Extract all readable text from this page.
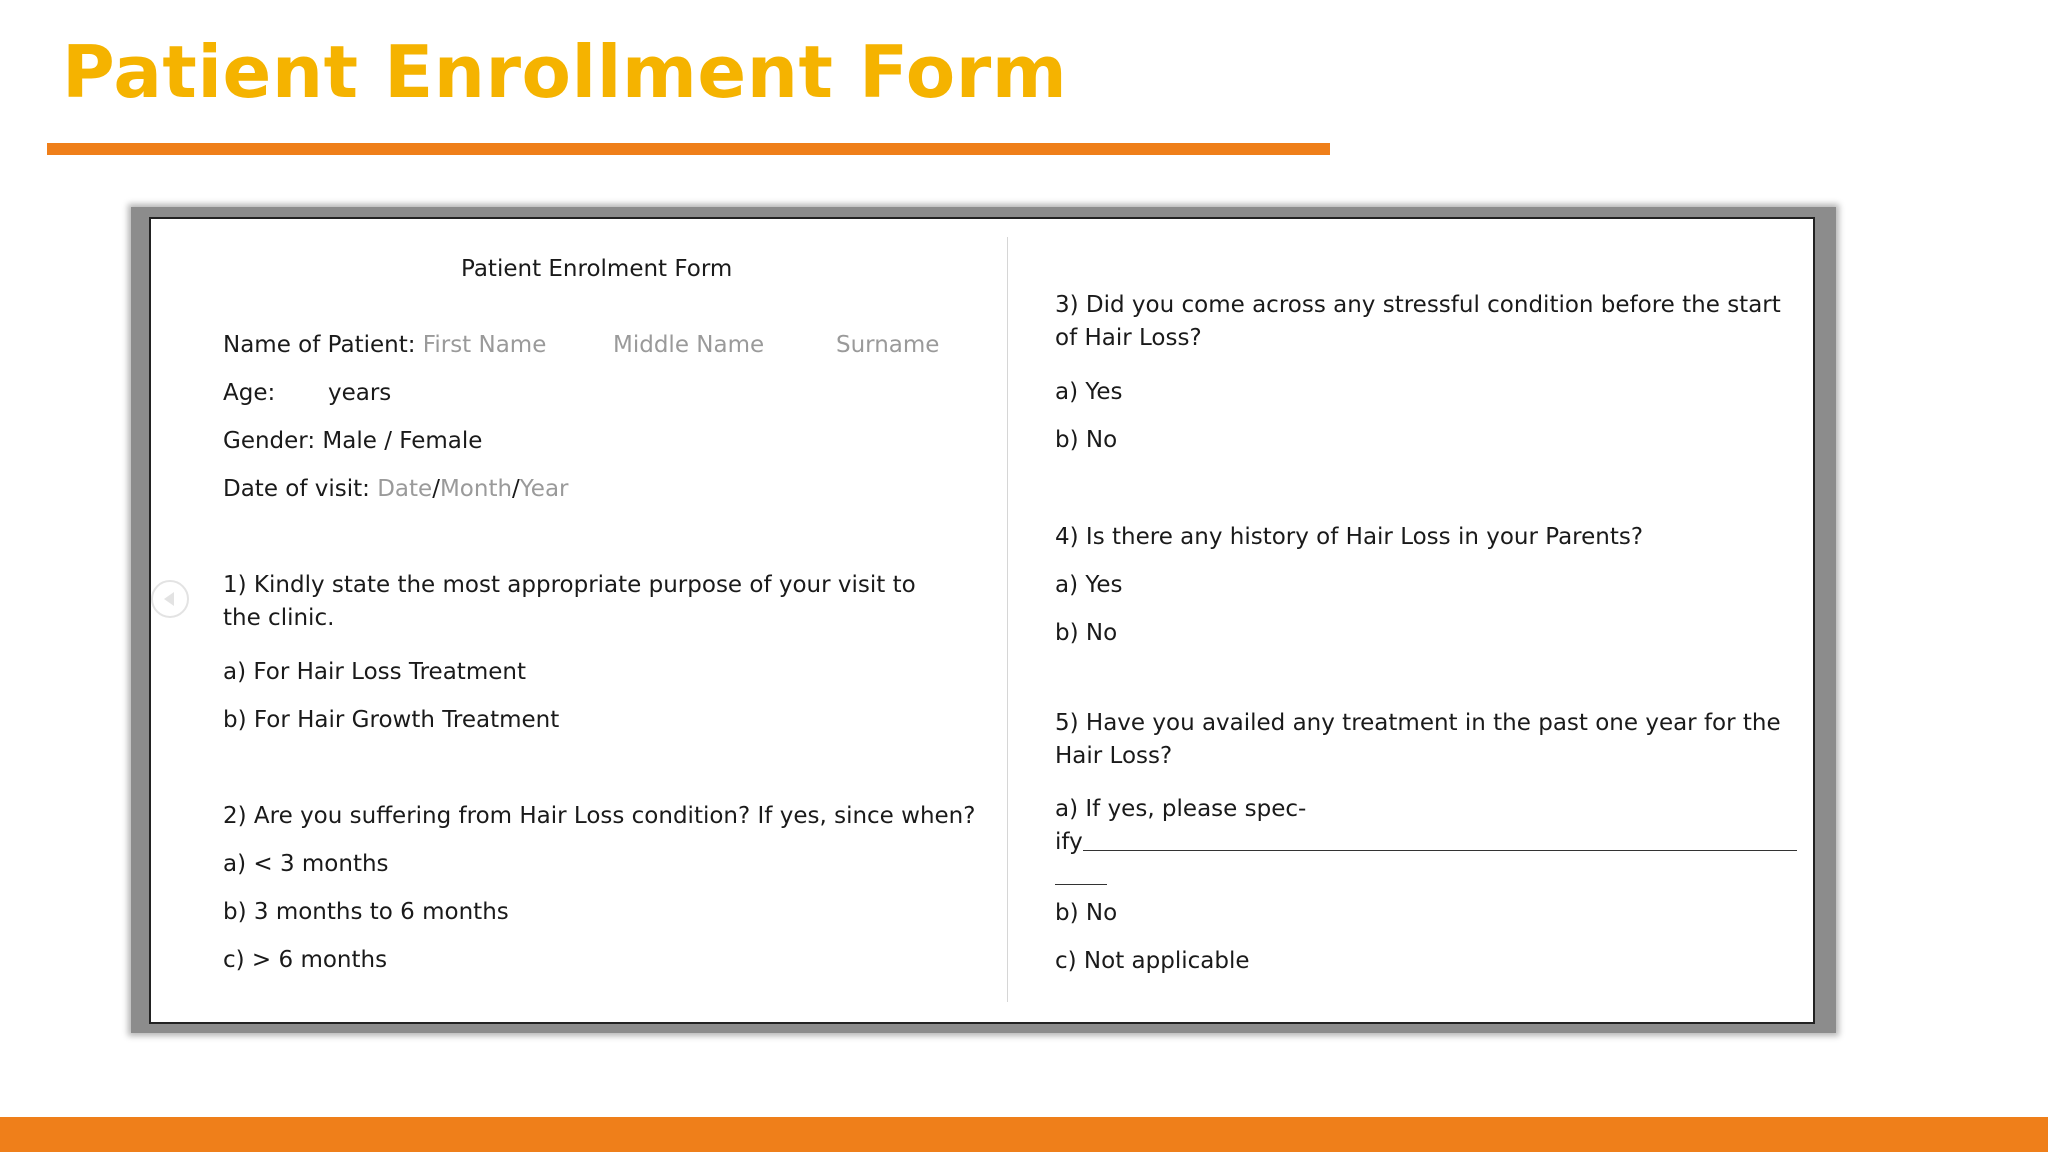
Patient Enrollment Form
Patient Enrolment Form
Name of Patient: First Name	Middle Name	Surname
Age: years
Gender: Male / Female
Date of visit: Date/Month/Year
1) Kindly state the most appropriate purpose of your visit to the clinic.
a) For Hair Loss Treatment
b) For Hair Growth Treatment
2) Are you suffering from Hair Loss condition? If yes, since when?
a) < 3 months
b) 3 months to 6 months
c) > 6 months
3) Did you come across any stressful condition before the start of Hair Loss?
a) Yes
b) No
4) Is there any history of Hair Loss in your Parents?
a) Yes
b) No
5) Have you availed any treatment in the past one year for the Hair Loss?
a) If yes, please spec-
ify
b) No
c) Not applicable
